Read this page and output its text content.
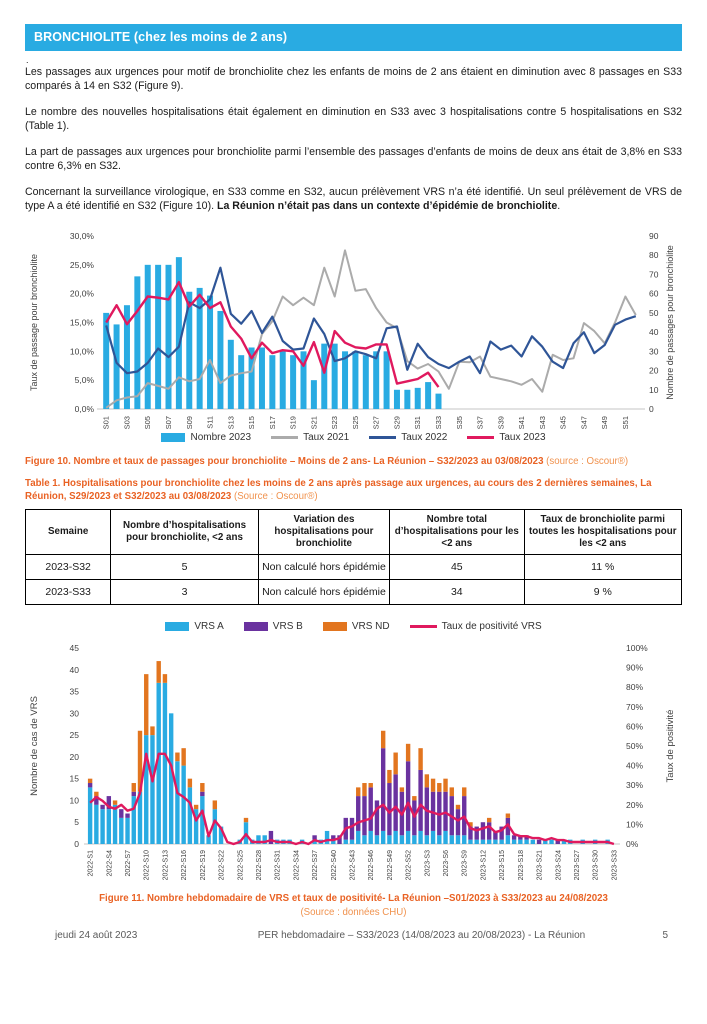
BRONCHIOLITE (chez les moins de 2 ans)
.

Les passages aux urgences pour motif de bronchiolite chez les enfants de moins de 2 ans étaient en diminution avec 8 passages en S33 comparés à 14 en S32 (Figure 9).

Le nombre des nouvelles hospitalisations était également en diminution en S33 avec 3 hospitalisations contre 5 hospitalisations en S32 (Table 1).

La part de passages aux urgences pour bronchiolite parmi l’ensemble des passages d’enfants de moins de deux ans était de 3,8% en S33 contre 6,3% en S32.

Concernant la surveillance virologique, en S33 comme en S32, aucun prélèvement VRS n’a été identifié. Un seul prélèvement de VRS de type A a été identifié en S32 (Figure 10). La Réunion n’était pas dans un contexte d’épidémie de bronchiolite.

0,0%
5,0%
10,0%
15,0%
20,0%
25,0%
30,0%
0
10
20
30
40
50
60
70
80
90
S01 S03 S05 S07 S09 S11 S13 S15 S17 S19 S21 S23 S25 S27 S29 S31 S33 S35 S37 S39 S41 S43 S45 S47 S49 S51
Taux de passage pour bronchiolite	Nombre de passages pour bronchiolite
Nombre 2023	Taux 2021	Taux 2022	Taux 2023

Figure 10. Nombre et taux de passages pour bronchiolite – Moins de 2 ans- La Réunion – S32/2023 au 03/08/2023 (source : Oscour®)

Table 1. Hospitalisations pour bronchiolite chez les moins de 2 ans après passage aux urgences, au cours des 2 dernières semaines, La Réunion, S29/2023 et S32/2023 au 03/08/2023 (Source : Oscour®)

Semaine	Nombre d’hospitalisations pour bronchiolite, <2 ans	Variation des hospitalisations pour bronchiolite	Nombre total d’hospitalisations pour les <2 ans	Taux de bronchiolite parmi toutes les hospitalisations pour les <2 ans
2023-S32	5	Non calculé hors épidémie	45	11 %
2023-S33	3	Non calculé hors épidémie	34	9 %
VRS A	VRS B	VRS ND	Taux de positivité VRS
0
5
10
15
20
25
30
35
40
45
0%
10%
20%
30%
40%
50%
60%
70%
80%
90%
100%
2022-S1 2022-S4 2022-S7 2022-S10 2022-S13 2022-S16 2022-S19 2022-S22 2022-S25 2022-S28 2022-S31 2022-S34 2022-S37 2022-S40 2022-S43 2022-S46 2022-S49 2022-S52 2023-S3 2023-S6 2023-S9 2023-S12 2023-S15 2023-S18 2023-S21 2023-S24 2023-S27 2023-S30 2023-S33
Nombre de cas de VRS	Taux de positivité

Figure 11. Nombre hebdomadaire de VRS et taux de positivité- La Réunion –S01/2023 à S33/2023 au 24/08/2023
(Source : données CHU)

jeudi 24 août 2023	PER hebdomadaire – S33/2023 (14/08/2023 au 20/08/2023) - La Réunion	5
